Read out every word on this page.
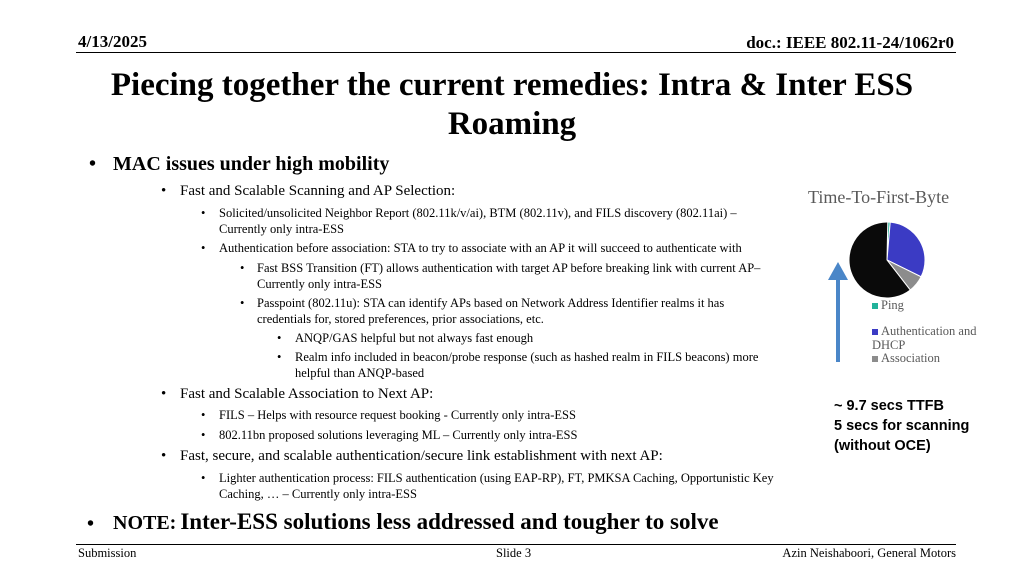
4/13/2025	doc.: IEEE 802.11-24/1062r0
Piecing together the current remedies: Intra & Inter ESS Roaming
• MAC issues under high mobility
• Fast and Scalable Scanning and AP Selection:
• Solicited/unsolicited Neighbor Report (802.11k/v/ai), BTM (802.11v), and FILS discovery (802.11ai) – Currently only intra-ESS
• Authentication before association: STA to try to associate with an AP it will succeed to authenticate with
• Fast BSS Transition (FT) allows authentication with target AP before breaking link with current AP– Currently only intra-ESS
• Passpoint (802.11u): STA can identify APs based on Network Address Identifier realms it has credentials for, stored preferences, prior associations, etc.
• ANQP/GAS helpful but not always fast enough
• Realm info included in beacon/probe response (such as hashed realm in FILS beacons) more helpful than ANQP-based
• Fast and Scalable Association to Next AP:
• FILS – Helps with resource request booking - Currently only intra-ESS
• 802.11bn proposed solutions leveraging ML – Currently only intra-ESS
• Fast, secure, and scalable authentication/secure link establishment with next AP:
• Lighter authentication process: FILS authentication (using EAP-RP), FT, PMKSA Caching, Opportunistic Key Caching, … – Currently only intra-ESS
• NOTE: Inter-ESS solutions less addressed and tougher to solve
Time-To-First-Byte
Ping
Authentication and DHCP
Association
~ 9.7 secs TTFB
5 secs for scanning
(without OCE)
Submission	Slide 3	Azin Neishaboori, General Motors
